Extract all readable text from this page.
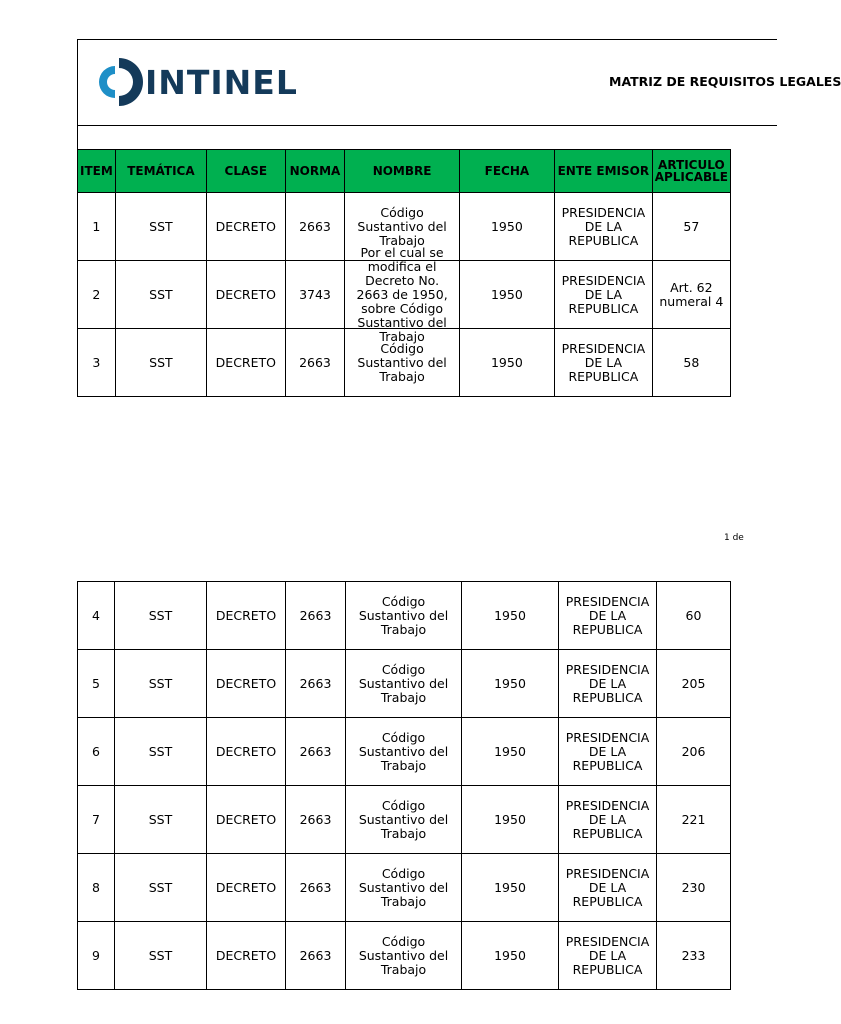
INTINEL	MATRIZ DE REQUISITOS LEGALES
ITEM	TEMÁTICA	CLASE	NORMA	NOMBRE	FECHA	ENTE EMISOR	ARTICULO APLICABLE

1	SST	DECRETO	2663	Código Sustantivo del Trabajo	1950	PRESIDENCIA DE LA REPUBLICA	57

2	SST	DECRETO	3743	Por el cual se modifica el Decreto No. 2663 de 1950, sobre Código Sustantivo del Trabajo	1950	PRESIDENCIA DE LA REPUBLICA	Art. 62 numeral 4

3	SST	DECRETO	2663	Código Sustantivo del Trabajo	1950	PRESIDENCIA DE LA REPUBLICA	58
1 de
4	SST	DECRETO	2663	Código Sustantivo del Trabajo	1950	PRESIDENCIA DE LA REPUBLICA	60

5	SST	DECRETO	2663	Código Sustantivo del Trabajo	1950	PRESIDENCIA DE LA REPUBLICA	205

6	SST	DECRETO	2663	Código Sustantivo del Trabajo	1950	PRESIDENCIA DE LA REPUBLICA	206

7	SST	DECRETO	2663	Código Sustantivo del Trabajo	1950	PRESIDENCIA DE LA REPUBLICA	221

8	SST	DECRETO	2663	Código Sustantivo del Trabajo	1950	PRESIDENCIA DE LA REPUBLICA	230

9	SST	DECRETO	2663	Código Sustantivo del Trabajo	1950	PRESIDENCIA DE LA REPUBLICA	233
